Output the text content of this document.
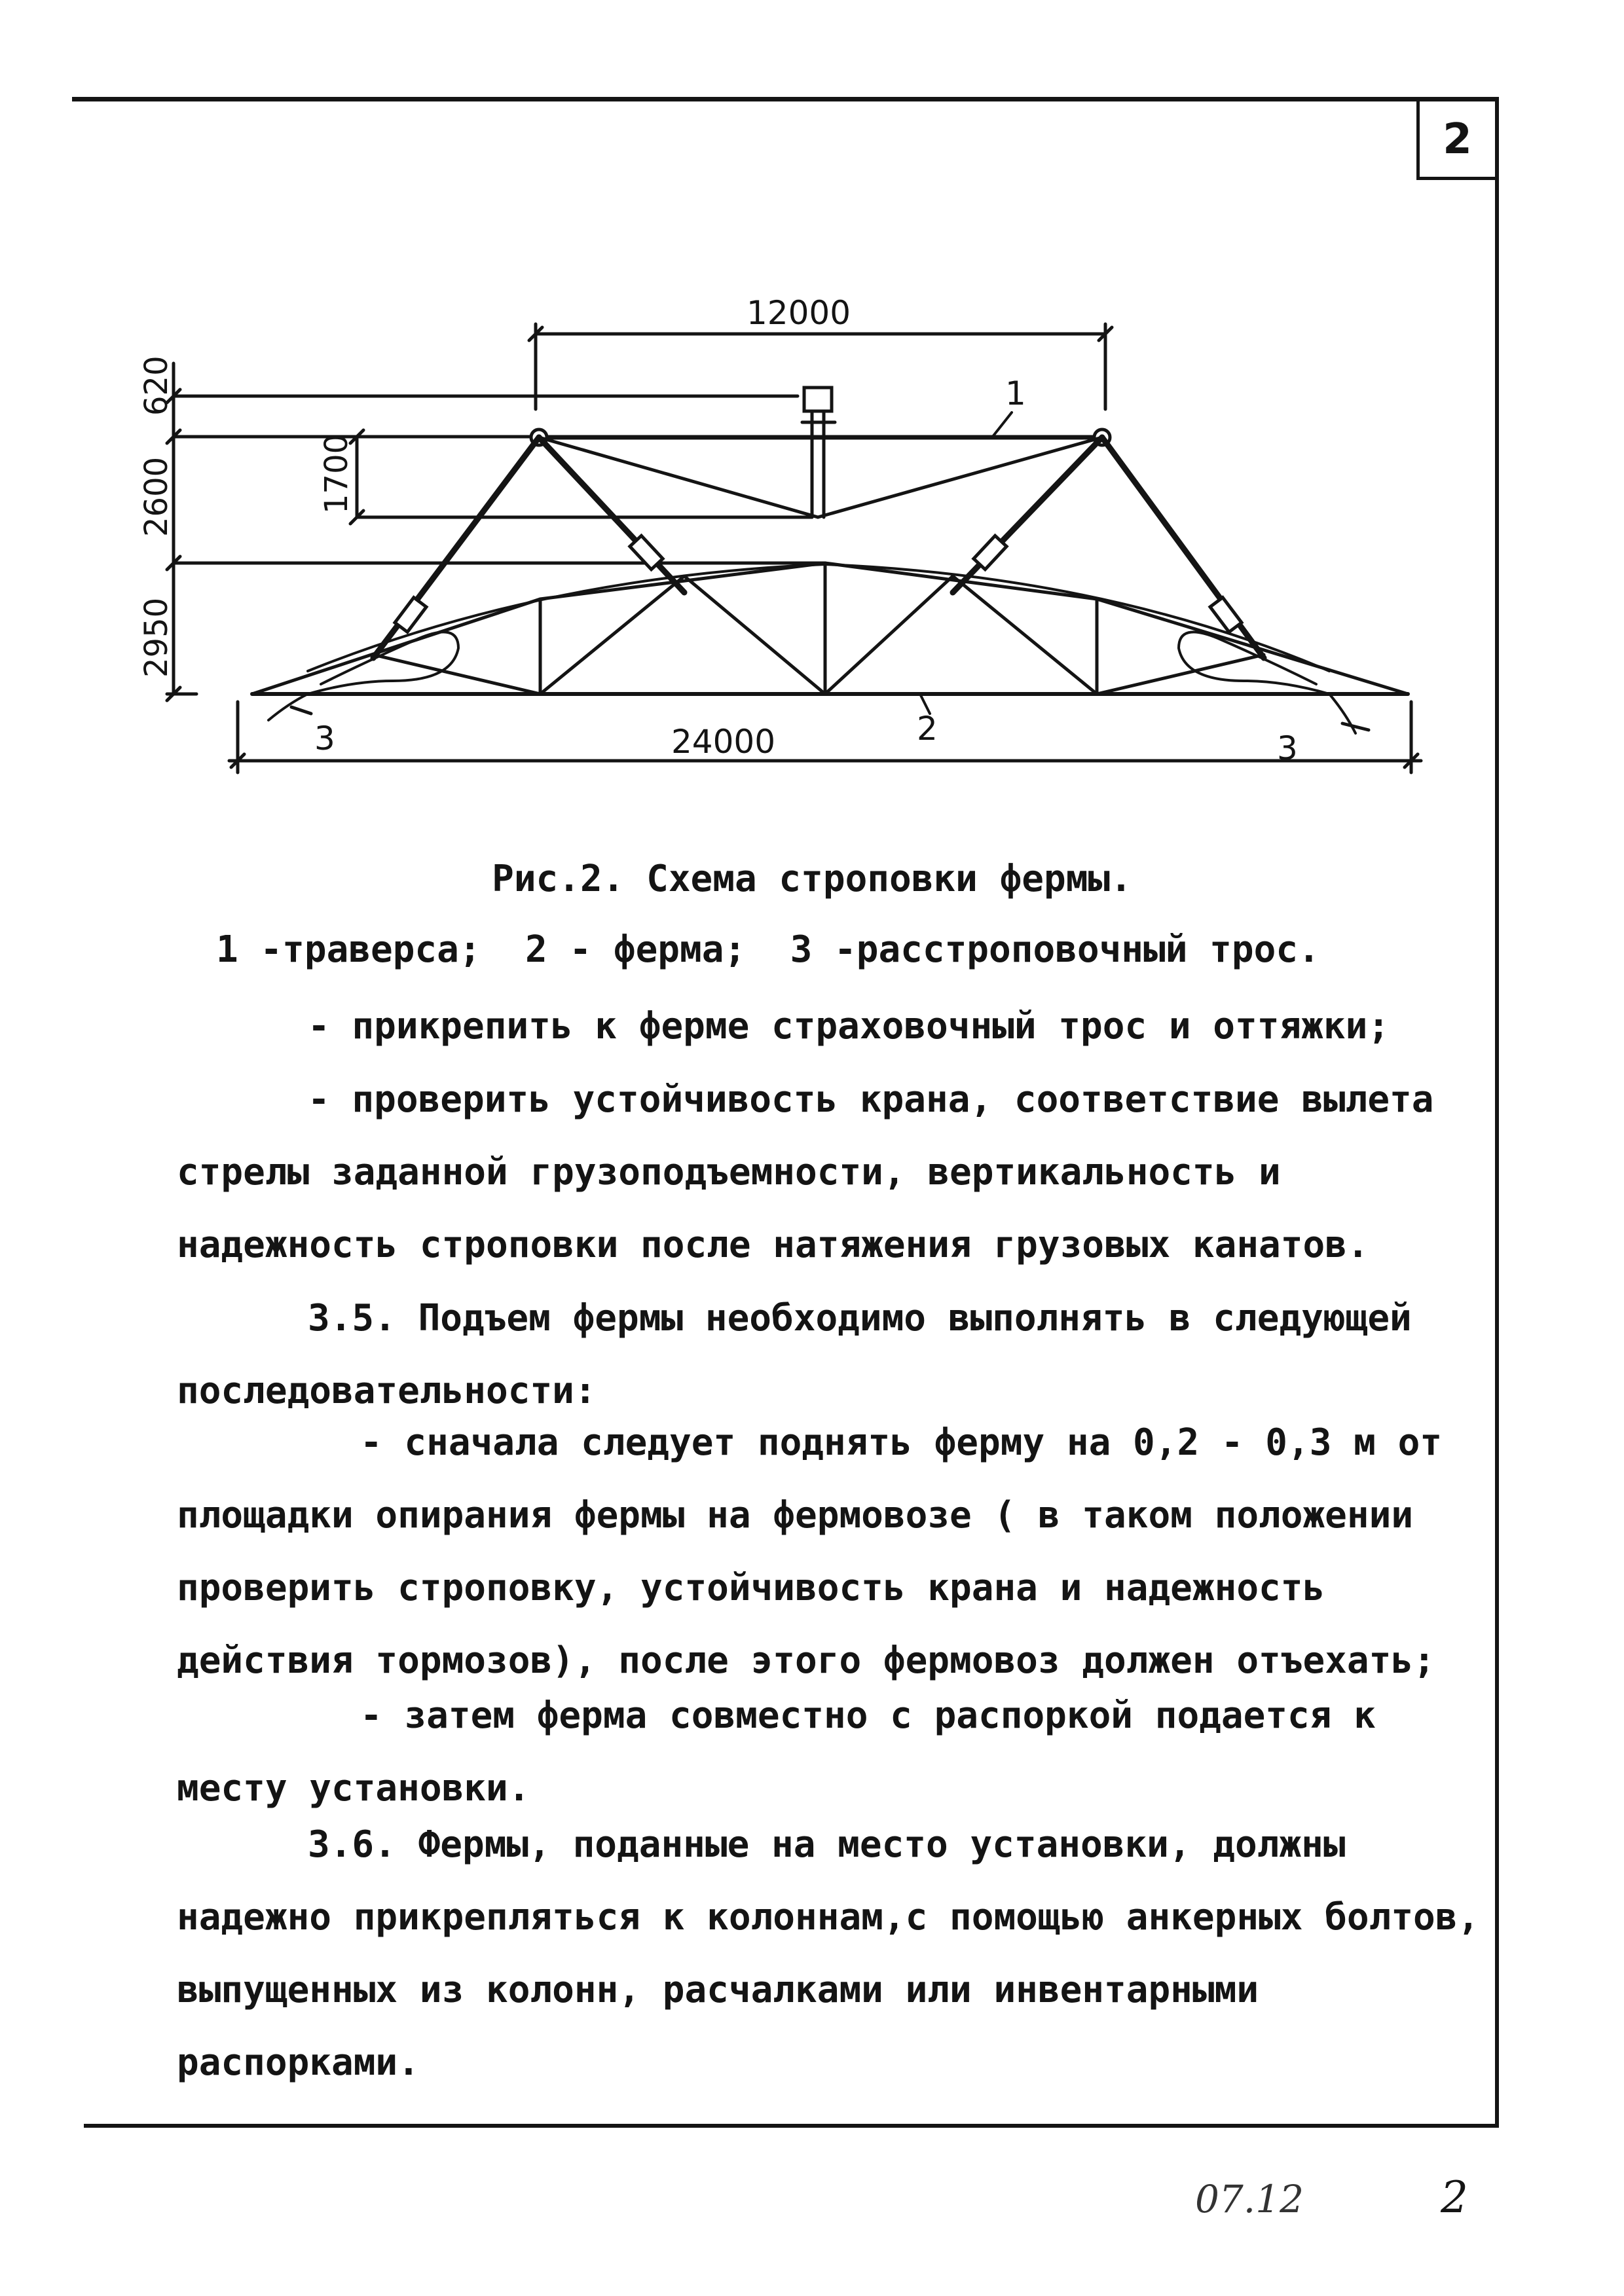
2
12000
24000
620
2600	1700
2950
1
2
3	3
Рис.2. Схема строповки фермы.
1 -траверса;  2 - ферма;  3 -расстроповочный трос.
- прикрепить к ферме страховочный трос и оттяжки;
- проверить устойчивость крана, соответствие вылета стрелы заданной грузоподъемности, вертикальность и надежность строповки после натяжения грузовых канатов.
3.5. Подъем фермы необходимо выполнять в следующей последовательности:
- сначала следует поднять ферму на 0,2 - 0,3 м от площадки опирания фермы на фермовозе ( в таком положении проверить строповку, устойчивость крана и надежность действия тормозов), после этого фермовоз должен отъехать;
- затем ферма совместно с распоркой подается к месту установки.
3.6. Фермы, поданные на место установки, должны надежно прикрепляться к колоннам,с помощью анкерных болтов, выпущенных из колонн, расчалками или инвентарными распорками.
07.12	2
